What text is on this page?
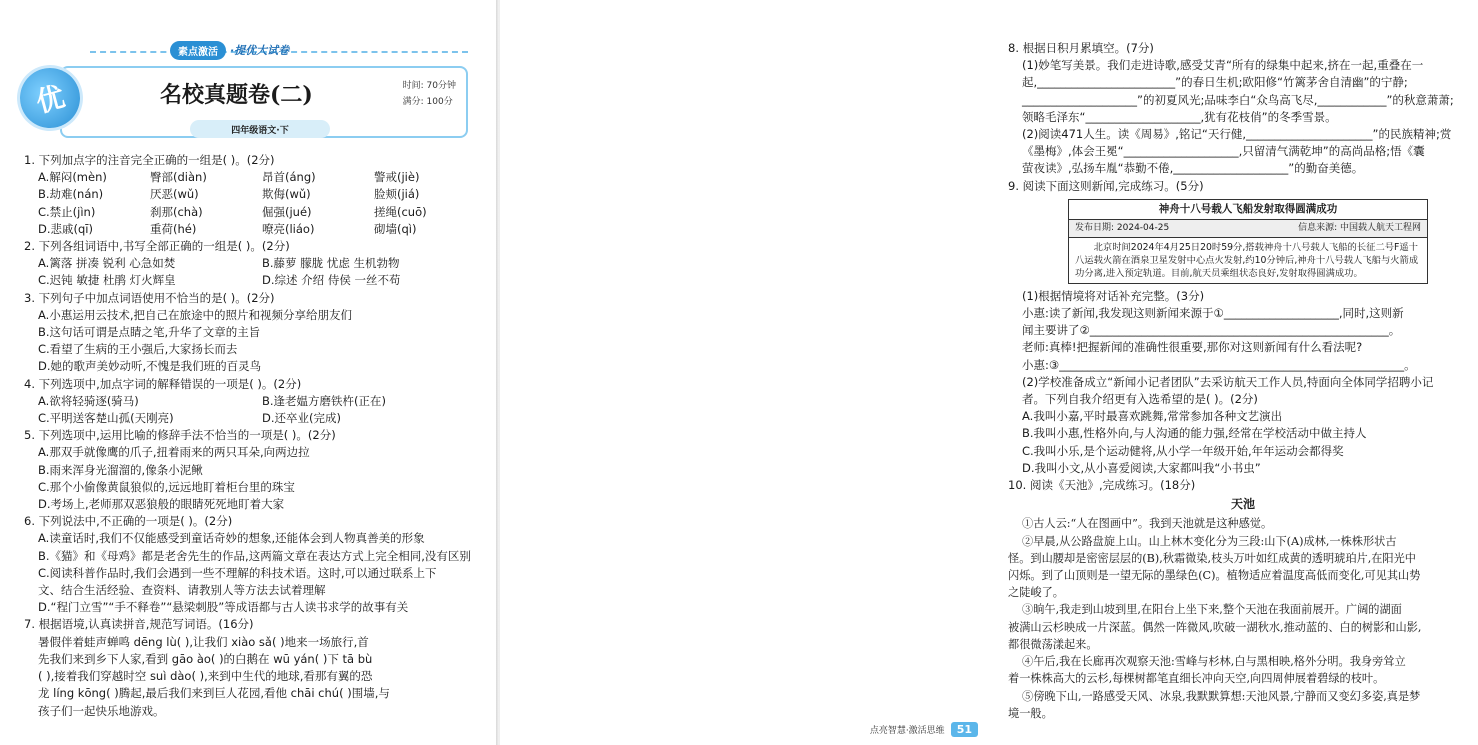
素点激活	·提优大试卷
优	名校真题卷(二)	时间: 70分钟
满分: 100分
四年级语文·下
1. 下列加点字的注音完全正确的一组是( )。(2分)
A.解闷(mèn)	臀部(diàn)	昂首(áng)	警戒(jiè)
B.劫难(nán)	厌恶(wǔ)	欺侮(wǔ)	脸颊(jiá)
C.禁止(jìn)	刹那(chà)	倔强(jué)	搓绳(cuō)
D.悲戚(qī)	重荷(hé)	嘹亮(liáo)	砌墙(qì)
2. 下列各组词语中,书写全部正确的一组是( )。(2分)
A.篱落 拼凑 锐利 心急如焚	B.藤萝 朦胧 忧虑 生机勃物
C.迟钝 敏捷 杜鹃 灯火辉皇	D.综述 介绍 侍侯 一丝不苟
3. 下列句子中加点词语使用不恰当的是( )。(2分)
A.小惠运用云技术,把自己在旅途中的照片和视频分享给朋友们
B.这句话可谓是点睛之笔,升华了文章的主旨
C.看望了生病的王小强后,大家扬长而去
D.她的歌声美妙动听,不愧是我们班的百灵鸟
4. 下列选项中,加点字词的解释错误的一项是( )。(2分)
A.欲将轻骑逐(骑马)	B.逢老媪方磨铁杵(正在)
C.平明送客楚山孤(天刚亮)	D.还卒业(完成)
5. 下列选项中,运用比喻的修辞手法不恰当的一项是( )。(2分)
A.那双手就像鹰的爪子,扭着雨来的两只耳朵,向两边拉
B.雨来浑身光溜溜的,像条小泥鳅
C.那个小偷像黄鼠狼似的,远远地盯着柜台里的珠宝
D.考场上,老师那双恶狼般的眼睛死死地盯着大家
6. 下列说法中,不正确的一项是( )。(2分)
A.读童话时,我们不仅能感受到童话奇妙的想象,还能体会到人物真善美的形象
B.《猫》和《母鸡》都是老舍先生的作品,这两篇文章在表达方式上完全相同,没有区别
C.阅读科普作品时,我们会遇到一些不理解的科技术语。这时,可以通过联系上下
文、结合生活经验、查资料、请教别人等方法去试着理解
D.“程门立雪”“手不释卷”“悬梁刺股”等成语都与古人读书求学的故事有关
7. 根据语境,认真读拼音,规范写词语。(16分)
暑假伴着蛙声蝉鸣 dēng lù( ),让我们 xiào sǎ( )地来一场旅行,首
先我们来到乡下人家,看到 gāo ào( )的白鹅在 wū yán( )下 tā bù
( ),接着我们穿越时空 suì dào( ),来到中生代的地球,看那有翼的恐
龙 líng kōng( )腾起,最后我们来到巨人花园,看他 chāi chú( )围墙,与
孩子们一起快乐地游戏。
8. 根据日积月累填空。(7分)
(1)妙笔写美景。我们走进诗歌,感受艾青“所有的绿集中起来,挤在一起,重叠在一
起,________________________”的春日生机;欧阳修“竹篱茅舍自清幽”的宁静;
____________________”的初夏风光;品味李白“众鸟高飞尽,____________”的秋意萧萧;
领略毛泽东“____________________,犹有花枝俏”的冬季雪景。
(2)阅读471人生。读《周易》,铭记“天行健,______________________”的民族精神;赏
《墨梅》,体会王冕“____________________,只留清气满乾坤”的高尚品格;悟《囊
萤夜读》,弘扬车胤“恭勤不倦,____________________”的勤奋美德。
9. 阅读下面这则新闻,完成练习。(5分)
神舟十八号载人飞船发射取得圆满成功
发布日期: 2024-04-25	信息来源: 中国载人航天工程网
北京时间2024年4月25日20时59分,搭载神舟十八号载人飞船的长征二号F遥十八运载火箭在酒泉卫星发射中心点火发射,约10分钟后,神舟十八号载人飞船与火箭成功分离,进入预定轨道。目前,航天员乘组状态良好,发射取得圆满成功。
(1)根据情境将对话补充完整。(3分)
小惠:读了新闻,我发现这则新闻来源于①____________________,同时,这则新
闻主要讲了②____________________________________________________。
老师:真棒!把握新闻的准确性很重要,那你对这则新闻有什么看法呢?
小惠:③____________________________________________________________。
(2)学校准备成立“新闻小记者团队”去采访航天工作人员,特面向全体同学招聘小记
者。下列自我介绍更有入选希望的是( )。(2分)
A.我叫小嘉,平时最喜欢跳舞,常常参加各种文艺演出
B.我叫小惠,性格外向,与人沟通的能力强,经常在学校活动中做主持人
C.我叫小乐,是个运动健将,从小学一年级开始,年年运动会都得奖
D.我叫小文,从小喜爱阅读,大家都叫我“小书虫”
10. 阅读《天池》,完成练习。(18分)
天池
①古人云:“人在图画中”。我到天池就是这种感觉。
②早晨,从公路盘旋上山。山上林木变化分为三段:山下(A)成林,一株株形状古
怪。到山腰却是密密层层的(B),秋霜微染,枝头万叶如红成黄的透明琥珀片,在阳光中
闪烁。到了山顶则是一望无际的墨绿色(C)。植物适应着温度高低而变化,可见其山势
之陡峻了。
③晌午,我走到山坡到里,在阳台上坐下来,整个天池在我面前展开。广阔的湖面
被满山云杉映成一片深蓝。偶然一阵微风,吹破一湖秋水,推动蓝的、白的树影和山影,
都很微荡漾起来。
④午后,我在长廊再次观察天池:雪峰与杉林,白与黑相映,格外分明。我身旁耸立
着一株株高大的云杉,每棵树都笔直细长冲向天空,向四周伸展着碧绿的枝叶。
⑤傍晚下山,一路感受天风、冰泉,我默默算想:天池风景,宁静而又变幻多姿,真是梦
境一般。
点亮智慧·激活思维	51
